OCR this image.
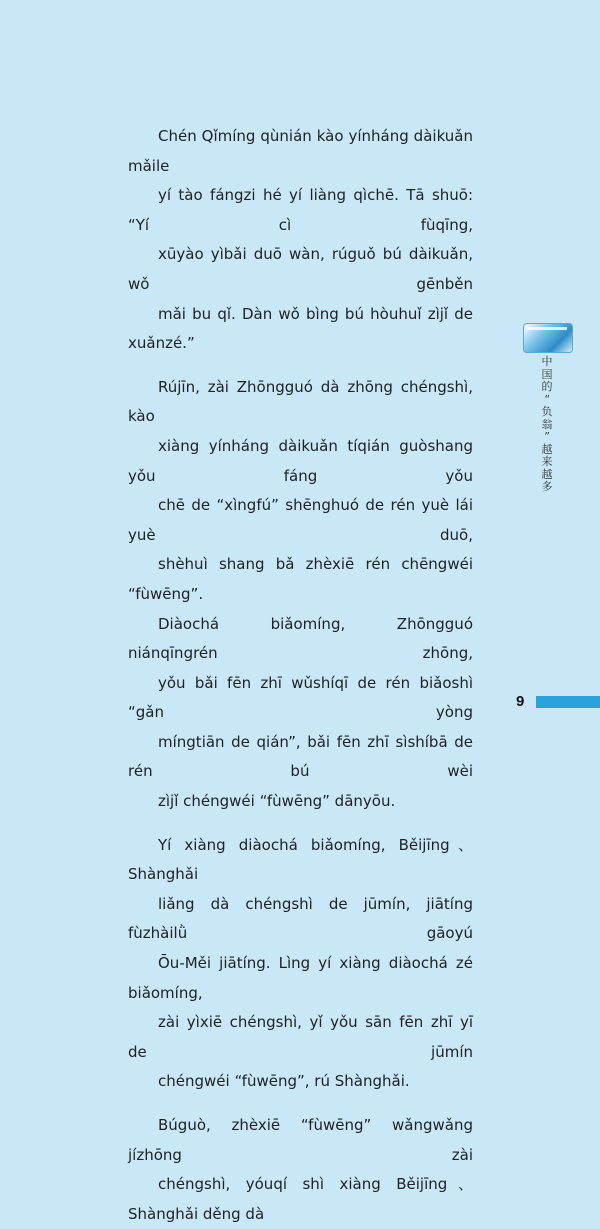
Chén Qǐmíng qùnián kào yínháng dàikuǎn mǎile
yí tào fángzi hé yí liàng qìchē. Tā shuō: “Yí cì fùqīng,
xūyào yìbǎi duō wàn, rúguǒ bú dàikuǎn, wǒ gēnběn
mǎi bu qǐ. Dàn wǒ bìng bú hòuhuǐ zìjǐ de xuǎnzé.”

Rújīn, zài Zhōngguó dà zhōng chéngshì, kào
xiàng yínháng dàikuǎn tíqián guòshang yǒu fáng yǒu
chē de “xìngfú” shēnghuó de rén yuè lái yuè duō,
shèhuì shang bǎ zhèxiē rén chēngwéi “fùwēng”.
Diàochá biǎomíng, Zhōngguó niánqīngrén zhōng,
yǒu bǎi fēn zhī wǔshíqī de rén biǎoshì “gǎn yòng
míngtiān de qián”, bǎi fēn zhī sìshíbā de rén bú wèi
zìjǐ chéngwéi “fùwēng” dānyōu.

Yí xiàng diàochá biǎomíng, Běijīng、Shànghǎi
liǎng dà chéngshì de jūmín, jiātíng fùzhàilǜ gāoyú
Ōu-Měi jiātíng. Lìng yí xiàng diàochá zé biǎomíng,
zài yìxiē chéngshì, yǐ yǒu sān fēn zhī yī de jūmín
chéngwéi “fùwēng”, rú Shànghǎi.

Búguò, zhèxiē “fùwēng” wǎngwǎng jízhōng zài
chéngshì, yóuqí shì xiàng Běijīng、Shànghǎi děng dà

中
国
的
“
负
翁
”
越
来
越
多
9
